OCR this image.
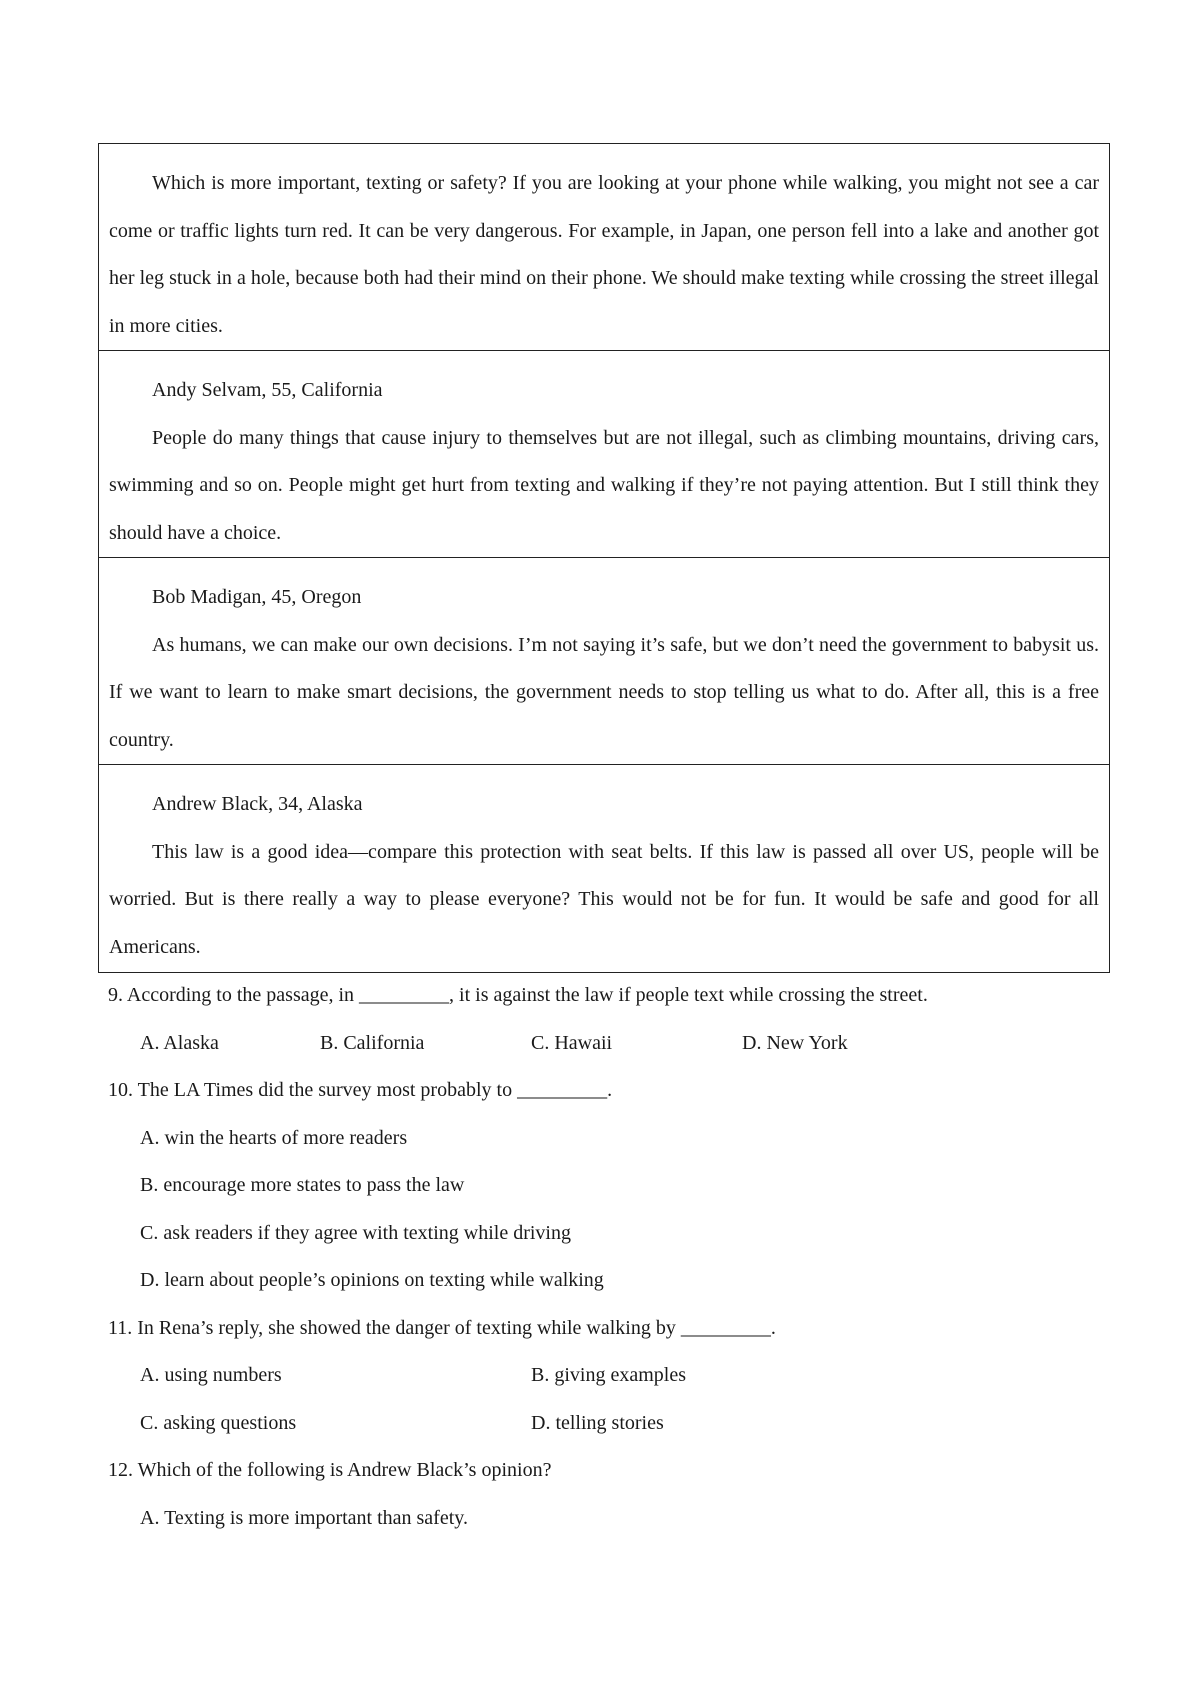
Which is more important, texting or safety? If you are looking at your phone while walking, you might not see a car come or traffic lights turn red. It can be very dangerous. For example, in Japan, one person fell into a lake and another got her leg stuck in a hole, because both had their mind on their phone. We should make texting while crossing the street illegal in more cities.

Andy Selvam, 55, California

People do many things that cause injury to themselves but are not illegal, such as climbing mountains, driving cars, swimming and so on. People might get hurt from texting and walking if they’re not paying attention. But I still think they should have a choice.

Bob Madigan, 45, Oregon

As humans, we can make our own decisions. I’m not saying it’s safe, but we don’t need the government to babysit us. If we want to learn to make smart decisions, the government needs to stop telling us what to do. After all, this is a free country.

Andrew Black, 34, Alaska

This law is a good idea—compare this protection with seat belts. If this law is passed all over US, people will be worried. But is there really a way to please everyone? This would not be for fun. It would be safe and good for all Americans.

9. According to the passage, in _________, it is against the law if people text while crossing the street.
A. Alaska	B. California	C. Hawaii	D. New York
10. The LA Times did the survey most probably to _________.
A. win the hearts of more readers
B. encourage more states to pass the law
C. ask readers if they agree with texting while driving
D. learn about people’s opinions on texting while walking
11. In Rena’s reply, she showed the danger of texting while walking by _________.
A. using numbers	B. giving examples
C. asking questions	D. telling stories
12. Which of the following is Andrew Black’s opinion?
A. Texting is more important than safety.
